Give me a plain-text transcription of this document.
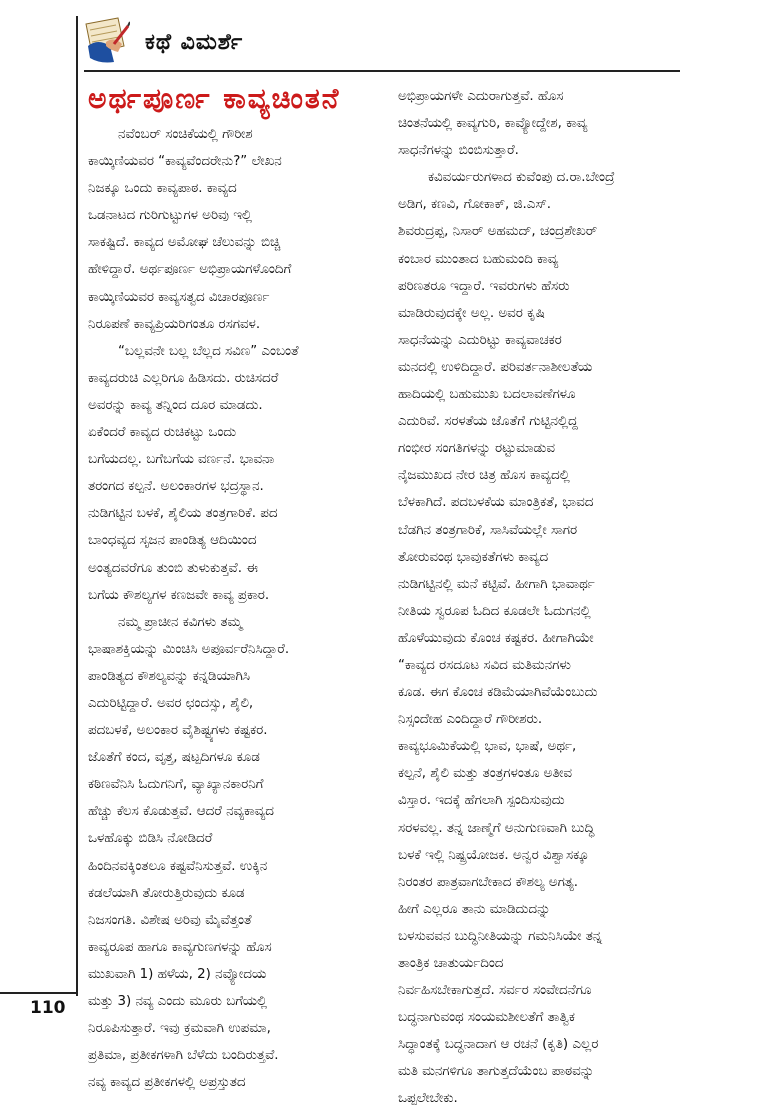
ಕಥೆ ವಿಮರ್ಶೆ
ಅರ್ಥಪೂರ್ಣ ಕಾವ್ಯಚಿಂತನೆ
ನವೆಂಬರ್ ಸಂಚಿಕೆಯಲ್ಲಿ ಗೌರೀಶ
ಕಾಯ್ಕಿಣಿಯವರ “ಕಾವ್ಯವೆಂದರೇನು?” ಲೇಖನ
ನಿಜಕ್ಕೂ ಒಂದು ಕಾವ್ಯಪಾಠ. ಕಾವ್ಯದ
ಒಡನಾಟದ ಗುರಿಗುಟ್ಟುಗಳ ಅರಿವು ಇಲ್ಲಿ
ಸಾಕಷ್ಟಿದೆ. ಕಾವ್ಯದ ಅಮೋಘ ಚೆಲುವನ್ನು ಬಿಚ್ಚಿ
ಹೇಳಿದ್ದಾರೆ. ಅರ್ಥಪೂರ್ಣ ಅಭಿಪ್ರಾಯಗಳೊಂದಿಗೆ
ಕಾಯ್ಕಿಣಿಯವರ ಕಾವ್ಯಸತ್ವದ ವಿಚಾರಪೂರ್ಣ
ನಿರೂಪಣೆ ಕಾವ್ಯಪ್ರಿಯರಿಗಂತೂ ರಸಗವಳ.
“ಬಲ್ಲವನೇ ಬಲ್ಲ ಬೆಲ್ಲದ ಸವಿಣ” ಎಂಬಂತೆ
ಕಾವ್ಯದರುಚಿ ಎಲ್ಲರಿಗೂ ಹಿಡಿಸದು. ರುಚಿಸದರೆ
ಅವರನ್ನು ಕಾವ್ಯ ತನ್ನಿಂದ ದೂರ ಮಾಡದು.
ಏಕೆಂದರೆ ಕಾವ್ಯದ ರುಚಿಕಟ್ಟು ಒಂದು
ಬಗೆಯದಲ್ಲ. ಬಗೆಬಗೆಯ ವರ್ಣನೆ. ಭಾವನಾ
ತರಂಗದ ಕಲ್ಪನೆ. ಅಲಂಕಾರಗಳ ಭದ್ರಸ್ಥಾನ.
ನುಡಿಗಟ್ಟಿನ ಬಳಕೆ, ಶೈಲಿಯ ತಂತ್ರಗಾರಿಕೆ. ಪದ
ಬಾಂಧವ್ಯದ ಸೃಜನ ಪಾಂಡಿತ್ಯ ಆದಿಯಿಂದ
ಅಂತ್ಯದವರೆಗೂ ತುಂಬಿ ತುಳುಕುತ್ತವೆ. ಈ
ಬಗೆಯ ಕೌಶಲ್ಯಗಳ ಕಣಜವೇ ಕಾವ್ಯ ಪ್ರಕಾರ.
ನಮ್ಮ ಪ್ರಾಚೀನ ಕವಿಗಳು ತಮ್ಮ
ಭಾಷಾಶಕ್ತಿಯನ್ನು ಮಿಂಚಿಸಿ ಅಪೂರ್ವರೆನಿಸಿದ್ದಾರೆ.
ಪಾಂಡಿತ್ಯದ ಕೌಶಲ್ಯವನ್ನು ಕನ್ನಡಿಯಾಗಿಸಿ
ಎದುರಿಟ್ಟಿದ್ದಾರೆ. ಅವರ ಛಂದಸ್ಸು, ಶೈಲಿ,
ಪದಬಳಕೆ, ಅಲಂಕಾರ ವೈಶಿಷ್ಟ್ಯಗಳು ಕಷ್ಟಕರ.
ಜೊತೆಗೆ ಕಂದ, ವೃತ್ತ, ಷಟ್ಪದಿಗಳೂ ಕೂಡ
ಕಠಿಣವೆನಿಸಿ ಓದುಗನಿಗೆ, ವ್ಯಾಖ್ಯಾನಕಾರನಿಗೆ
ಹೆಚ್ಚು ಕೆಲಸ ಕೊಡುತ್ತವೆ. ಆದರೆ ನವ್ಯಕಾವ್ಯದ
ಒಳಹೊಕ್ಕು ಬಿಡಿಸಿ ನೋಡಿದರೆ
ಹಿಂದಿನವಕ್ಕಿಂತಲೂ ಕಷ್ಟವೆನಿಸುತ್ತವೆ. ಉಕ್ಕಿನ
ಕಡಲೆಯಾಗಿ ತೋರುತ್ತಿರುವುದು ಕೂಡ
ನಿಜಸಂಗತಿ. ವಿಶೇಷ ಅರಿವು ಮೈವೆತ್ತಂತೆ
ಕಾವ್ಯರೂಪ ಹಾಗೂ ಕಾವ್ಯಗುಣಗಳನ್ನು ಹೊಸ
ಮುಖವಾಗಿ 1) ಹಳೆಯ, 2) ನವ್ಯೋದಯ
ಮತ್ತು 3) ನವ್ಯ ಎಂದು ಮೂರು ಬಗೆಯಲ್ಲಿ
ನಿರೂಪಿಸುತ್ತಾರೆ. ಇವು ಕ್ರಮವಾಗಿ ಉಪಮಾ,
ಪ್ರತಿಮಾ, ಪ್ರತೀಕಗಳಾಗಿ ಬೆಳೆದು ಬಂದಿರುತ್ತವೆ.
ನವ್ಯ ಕಾವ್ಯದ ಪ್ರತೀಕಗಳಲ್ಲಿ ಅಪ್ರಸ್ತುತದ
ಅಭಿಪ್ರಾಯಗಳೇ ಎದುರಾಗುತ್ತವೆ. ಹೊಸ
ಚಿಂತನೆಯಲ್ಲಿ ಕಾವ್ಯಗುರಿ, ಕಾವ್ಯೋದ್ದೇಶ, ಕಾವ್ಯ
ಸಾಧನೆಗಳನ್ನು ಬಿಂಬಿಸುತ್ತಾರೆ.
ಕವಿವರ್ಯರುಗಳಾದ ಕುವೆಂಪು ದ.ರಾ.ಬೇಂದ್ರೆ
ಅಡಿಗ, ಕಣವಿ, ಗೋಕಾಕ್, ಜಿ.ಎಸ್.
ಶಿವರುದ್ರಪ್ಪ, ನಿಸಾರ್ ಅಹಮದ್, ಚಂದ್ರಶೇಖರ್
ಕಂಬಾರ ಮುಂತಾದ ಬಹುಮಂದಿ ಕಾವ್ಯ
ಪರಿಣತರೂ ಇದ್ದಾರೆ. ಇವರುಗಳು ಹೆಸರು
ಮಾಡಿರುವುದಕ್ಕೇ ಅಲ್ಲ. ಅವರ ಕೃಷಿ
ಸಾಧನೆಯನ್ನು ಎದುರಿಟ್ಟು ಕಾವ್ಯವಾಚಕರ
ಮನದಲ್ಲಿ ಉಳಿದಿದ್ದಾರೆ. ಪರಿವರ್ತನಾಶೀಲತೆಯ
ಹಾದಿಯಲ್ಲಿ ಬಹುಮುಖ ಬದಲಾವಣೆಗಳೂ
ಎದುರಿವೆ. ಸರಳತೆಯ ಜೊತೆಗೆ ಗುಟ್ಟಿನಲ್ಲಿದ್ದ
ಗಂಭೀರ ಸಂಗತಿಗಳನ್ನು ರಟ್ಟುಮಾಡುವ
ನೈಜಮುಖದ ನೇರ ಚಿತ್ರ ಹೊಸ ಕಾವ್ಯದಲ್ಲಿ
ಬೆಳಕಾಗಿದೆ. ಪದಬಳಕೆಯ ಮಾಂತ್ರಿಕತೆ, ಭಾವದ
ಬೆಡಗಿನ ತಂತ್ರಗಾರಿಕೆ, ಸಾಸಿವೆಯಲ್ಲೇ ಸಾಗರ
ತೋರುವಂಥ ಭಾವುಕತೆಗಳು ಕಾವ್ಯದ
ನುಡಿಗಟ್ಟಿನಲ್ಲಿ ಮನೆ ಕಟ್ಟಿವೆ. ಹೀಗಾಗಿ ಭಾವಾರ್ಥ
ನೀತಿಯ ಸ್ವರೂಪ ಓದಿದ ಕೂಡಲೇ ಓದುಗನಲ್ಲಿ
ಹೊಳೆಯುವುದು ಕೊಂಚ ಕಷ್ಟಕರ. ಹೀಗಾಗಿಯೇ
“ಕಾವ್ಯದ ರಸದೂಟ ಸವಿದ ಮತಿಮನಗಳು
ಕೂಡ. ಈಗ ಕೊಂಚ ಕಡಿಮೆಯಾಗಿವೆಯೆಂಬುದು
ನಿಸ್ಸಂದೇಹ ಎಂದಿದ್ದಾರೆ ಗೌರೀಶರು.
ಕಾವ್ಯಭೂಮಿಕೆಯಲ್ಲಿ ಭಾವ, ಭಾಷೆ, ಅರ್ಥ,
ಕಲ್ಪನೆ, ಶೈಲಿ ಮತ್ತು ತಂತ್ರಗಳಂತೂ ಅತೀವ
ವಿಸ್ತಾರ. ಇದಕ್ಕೆ ಹೆಗಲಾಗಿ ಸ್ಪಂದಿಸುವುದು
ಸರಳವಲ್ಲ. ತನ್ನ ಜಾಣ್ಮೆಗೆ ಅನುಗುಣವಾಗಿ ಬುದ್ಧಿ
ಬಳಕೆ ಇಲ್ಲಿ ನಿಷ್ಪ್ರಯೋಜಕ. ಅನ್ವರ ವಿಶ್ವಾಸಕ್ಕೂ
ನಿರಂತರ ಪಾತ್ರವಾಗಬೇಕಾದ ಕೌಶಲ್ಯ ಅಗತ್ಯ.
ಹೀಗೆ ಎಲ್ಲರೂ ತಾನು ಮಾಡಿದುದನ್ನು
ಬಳಸುವವನ ಬುದ್ಧಿನೀತಿಯನ್ನು ಗಮನಿಸಿಯೇ ತನ್ನ
ತಾಂತ್ರಿಕ ಚಾತುರ್ಯದಿಂದ
ನಿರ್ವಹಿಸಬೇಕಾಗುತ್ತದೆ. ಸರ್ವರ ಸಂವೇದನೆಗೂ
ಬದ್ಧನಾಗುವಂಥ ಸಂಯಮಶೀಲತೆಗೆ ತಾತ್ವಿಕ
ಸಿದ್ಧಾಂತಕ್ಕೆ ಬದ್ಧನಾದಾಗ ಆ ರಚನೆ (ಕೃತಿ) ಎಲ್ಲರ
ಮತಿ ಮನಗಳಿಗೂ ತಾಗುತ್ತದೆಯೆಂಬ ಪಾಠವನ್ನು
ಒಪ್ಪಲೇಬೇಕು.
110
